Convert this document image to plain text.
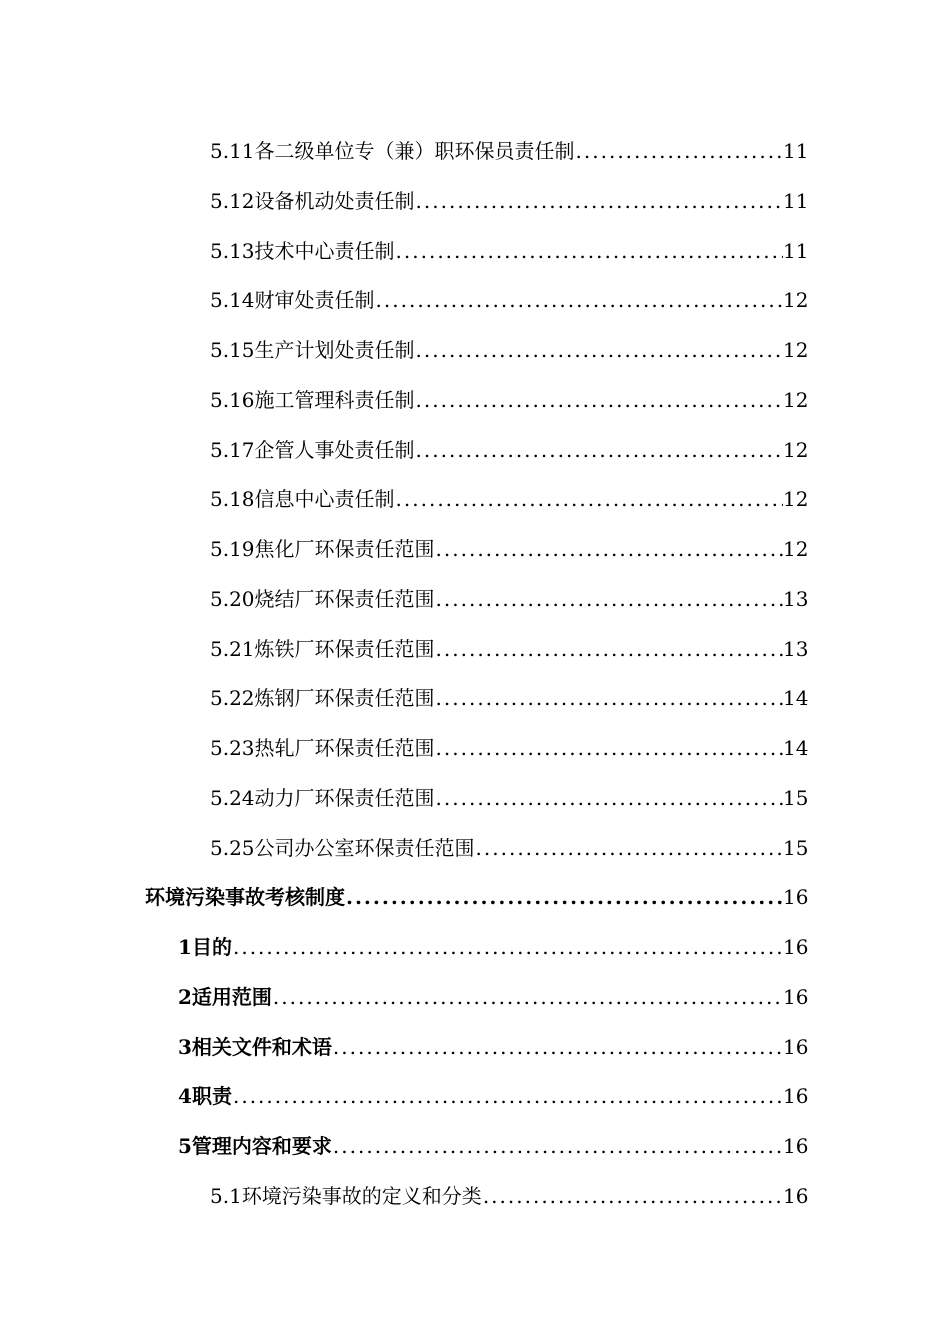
5.11 各二级单位专（兼）职环保员责任制 .....	11
5.12 设备机动处责任制 .....	11
5.13 技术中心责任制 .....	11
5.14 财审处责任制 .....	12
5.15 生产计划处责任制 .....	12
5.16 施工管理科责任制 .....	12
5.17 企管人事处责任制 .....	12
5.18 信息中心责任制 .....	12
5.19 焦化厂环保责任范围 .....	12
5.20 烧结厂环保责任范围 .....	13
5.21 炼铁厂环保责任范围 .....	13
5.22 炼钢厂环保责任范围 .....	14
5.23 热轧厂环保责任范围 .....	14
5.24 动力厂环保责任范围 .....	15
5.25 公司办公室环保责任范围 .....	15
环境污染事故考核制度 .....	16
1 目的 .....	16
2 适用范围 .....	16
3 相关文件和术语 .....	16
4 职责 .....	16
5 管理内容和要求 .....	16
5.1 环境污染事故的定义和分类 .....	16
